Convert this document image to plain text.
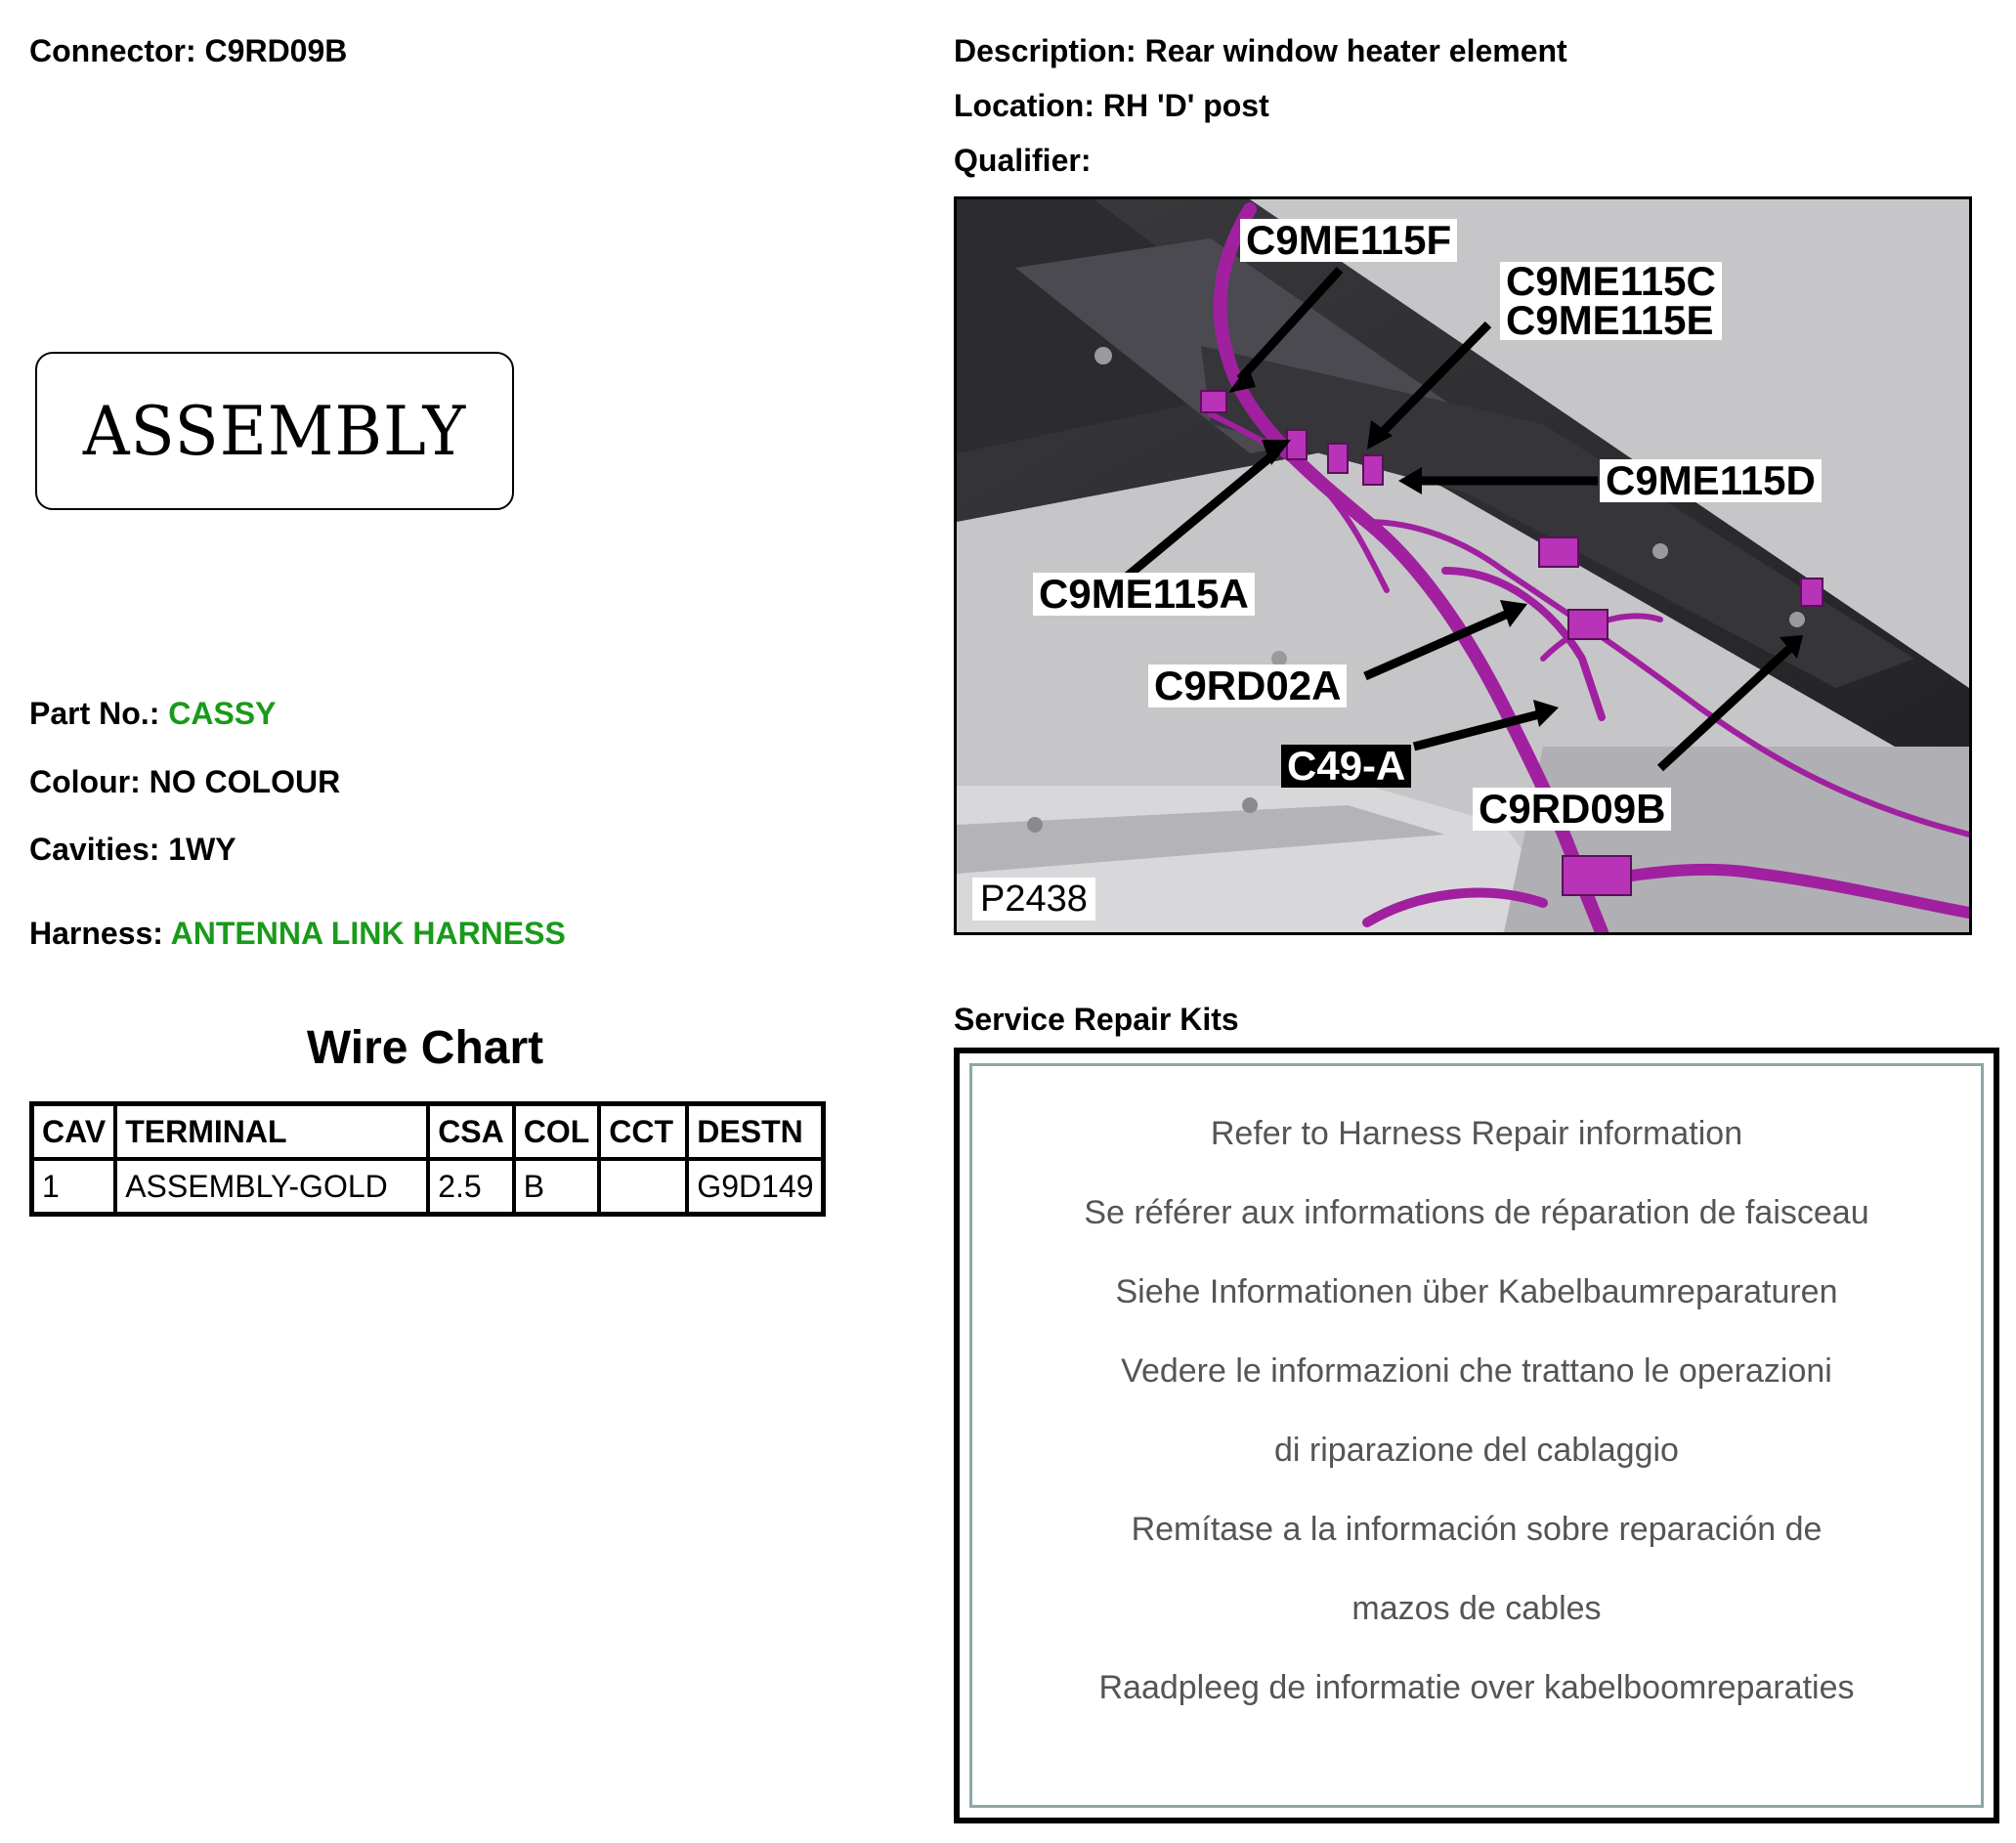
Connector: C9RD09B
ASSEMBLY
Part No.: CASSY
Colour: NO COLOUR
Cavities: 1WY
Harness: ANTENNA LINK HARNESS
Wire Chart
CAV	TERMINAL	CSA	COL	CCT	DESTN
1	ASSEMBLY-GOLD	2.5	B		G9D149
Description: Rear window heater element
Location: RH 'D' post
Qualifier:
C9ME115F
C9ME115C
C9ME115E
C9ME115D
C9ME115A
C9RD02A
C49-A
C9RD09B
P2438
Service Repair Kits
Refer to Harness Repair information
Se référer aux informations de réparation de faisceau
Siehe Informationen über Kabelbaumreparaturen
Vedere le informazioni che trattano le operazioni
di riparazione del cablaggio
Remítase a la información sobre reparación de
mazos de cables
Raadpleeg de informatie over kabelboomreparaties
